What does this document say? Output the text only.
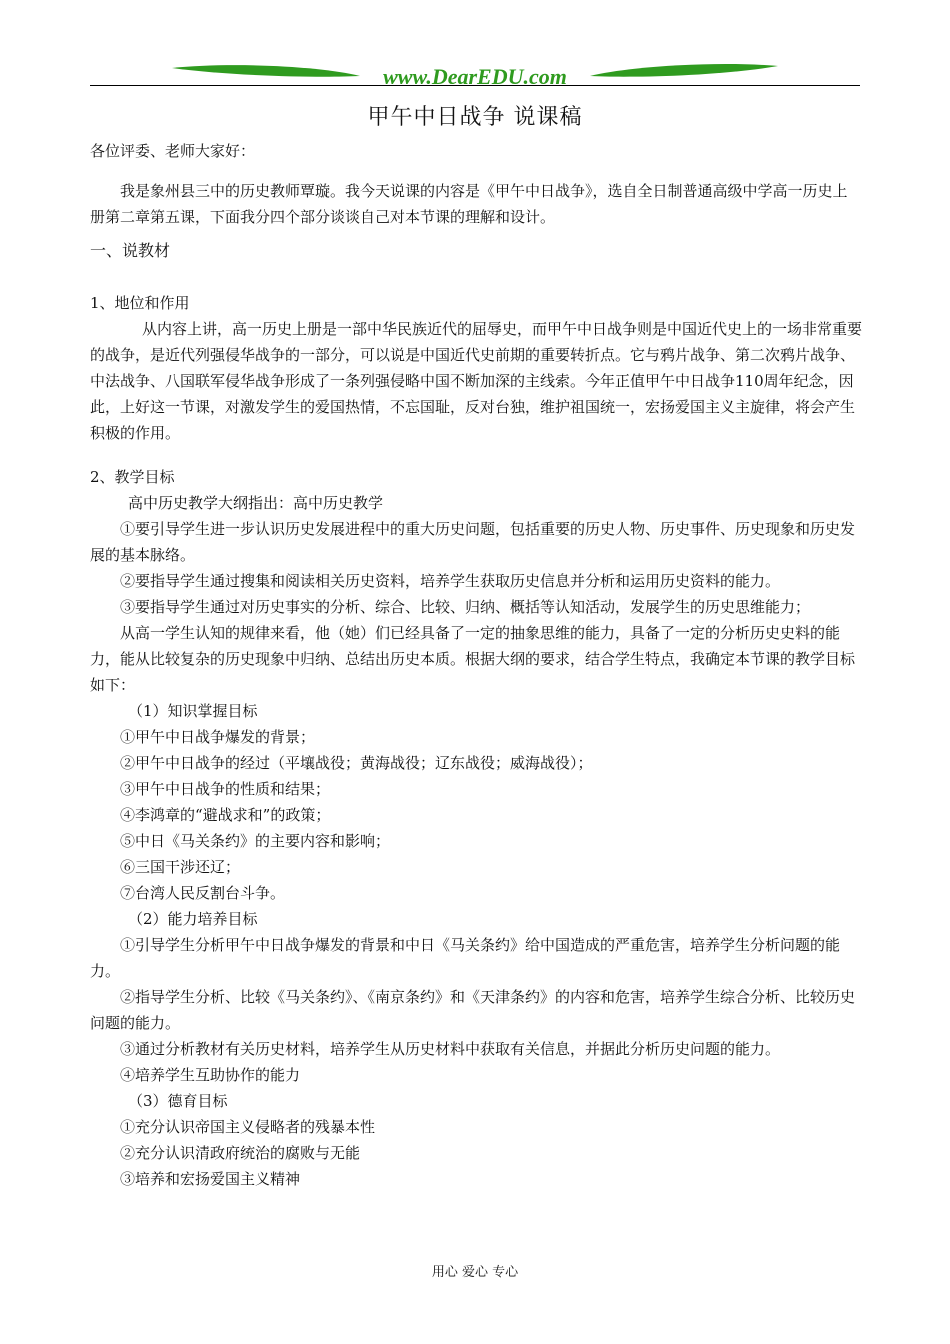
www.DearEDU.com
甲午中日战争 说课稿

各位评委、老师大家好：

我是象州县三中的历史教师覃璇。我今天说课的内容是《甲午中日战争》，选自全日制普通高级中学高一历史上册第二章第五课，下面我分四个部分谈谈自己对本节课的理解和设计。

一、说教材

1、地位和作用

从内容上讲，高一历史上册是一部中华民族近代的屈辱史，而甲午中日战争则是中国近代史上的一场非常重要的战争，是近代列强侵华战争的一部分，可以说是中国近代史前期的重要转折点。它与鸦片战争、第二次鸦片战争、中法战争、八国联军侵华战争形成了一条列强侵略中国不断加深的主线索。今年正值甲午中日战争110周年纪念，因此，上好这一节课，对激发学生的爱国热情，不忘国耻，反对台独，维护祖国统一，宏扬爱国主义主旋律，将会产生积极的作用。

2、教学目标

高中历史教学大纲指出：高中历史教学

①要引导学生进一步认识历史发展进程中的重大历史问题，包括重要的历史人物、历史事件、历史现象和历史发展的基本脉络。

②要指导学生通过搜集和阅读相关历史资料，培养学生获取历史信息并分析和运用历史资料的能力。

③要指导学生通过对历史事实的分析、综合、比较、归纳、概括等认知活动，发展学生的历史思维能力；

从高一学生认知的规律来看，他（她）们已经具备了一定的抽象思维的能力，具备了一定的分析历史史料的能力，能从比较复杂的历史现象中归纳、总结出历史本质。根据大纲的要求，结合学生特点，我确定本节课的教学目标如下：

（1）知识掌握目标

①甲午中日战争爆发的背景；

②甲午中日战争的经过（平壤战役；黄海战役；辽东战役；威海战役）；

③甲午中日战争的性质和结果；

④李鸿章的“避战求和”的政策；

⑤中日《马关条约》的主要内容和影响；

⑥三国干涉还辽；

⑦台湾人民反割台斗争。

（2）能力培养目标

①引导学生分析甲午中日战争爆发的背景和中日《马关条约》给中国造成的严重危害，培养学生分析问题的能力。

②指导学生分析、比较《马关条约》、《南京条约》和《天津条约》的内容和危害，培养学生综合分析、比较历史问题的能力。

③通过分析教材有关历史材料，培养学生从历史材料中获取有关信息，并据此分析历史问题的能力。

④培养学生互助协作的能力

（3）德育目标

①充分认识帝国主义侵略者的残暴本性

②充分认识清政府统治的腐败与无能

③培养和宏扬爱国主义精神

用心 爱心 专心
